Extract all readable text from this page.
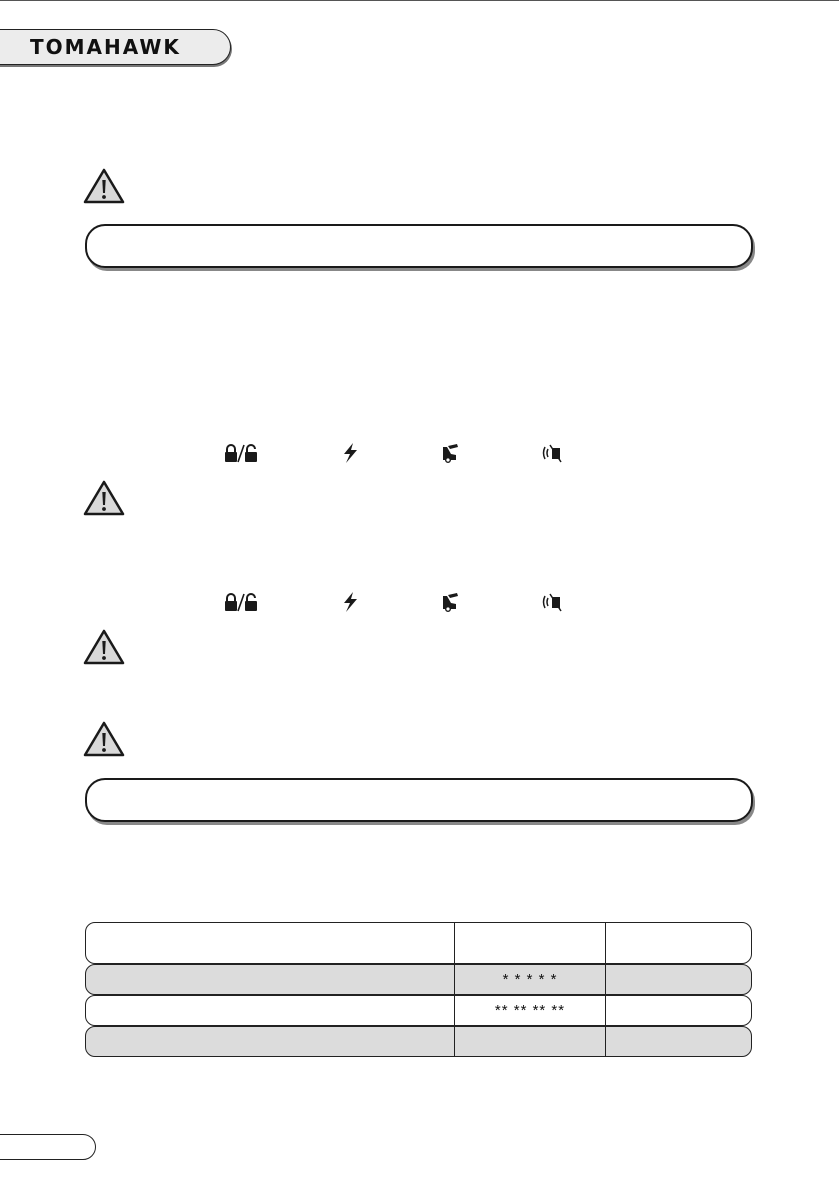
TOMAHAWK
* * * * *
** ** ** **
